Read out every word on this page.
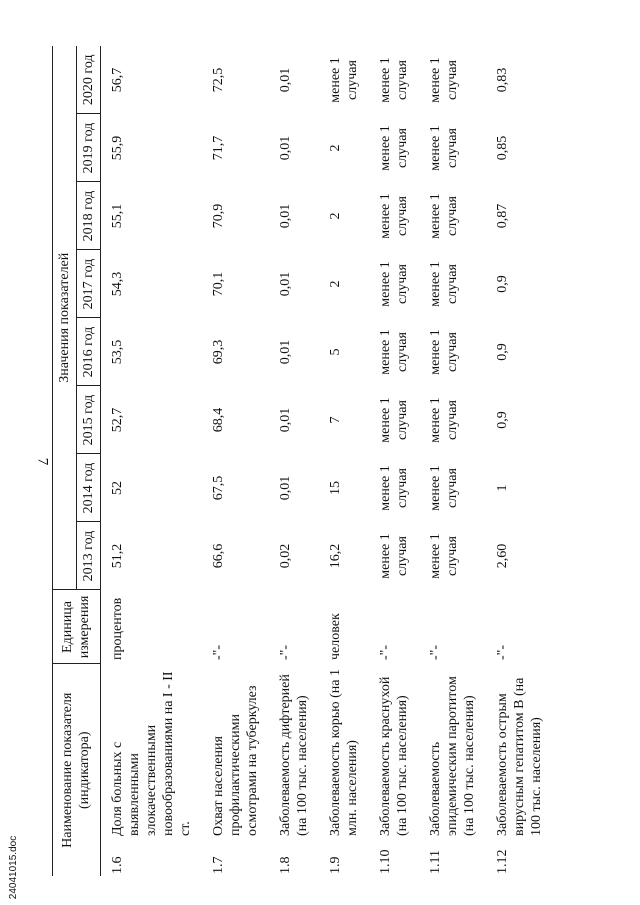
7
24041015.doc
Наименование показателя (индикатора)		Единица измерения	Значения показателей							
			2013 год	2014 год	2015 год	2016 год	2017 год	2018 год	2019 год	2020 год
1.6	Доля больных с выявленными злокачественными новообразованиями на I - II ст.	процентов	51,2	52	52,7	53,5	54,3	55,1	55,9	56,7
1.7	Охват населения профилактическими осмотрами на туберкулез	-"-	66,6	67,5	68,4	69,3	70,1	70,9	71,7	72,5
1.8	Заболеваемость дифтерией (на 100 тыс. населения)	-"-	0,02	0,01	0,01	0,01	0,01	0,01	0,01	0,01
1.9	Заболеваемость корью (на 1 млн. населения)	человек	16,2	15	7	5	2	2	2	менее 1 случая
1.10	Заболеваемость краснухой (на 100 тыс. населения)	-"-	менее 1 случая	менее 1 случая	менее 1 случая	менее 1 случая	менее 1 случая	менее 1 случая	менее 1 случая	менее 1 случая
1.11	Заболеваемость эпидемическим паротитом (на 100 тыс. населения)	-"-	менее 1 случая	менее 1 случая	менее 1 случая	менее 1 случая	менее 1 случая	менее 1 случая	менее 1 случая	менее 1 случая
1.12	Заболеваемость острым вирусным гепатитом В (на 100 тыс. населения)	-"-	2,60	1	0,9	0,9	0,9	0,87	0,85	0,83
